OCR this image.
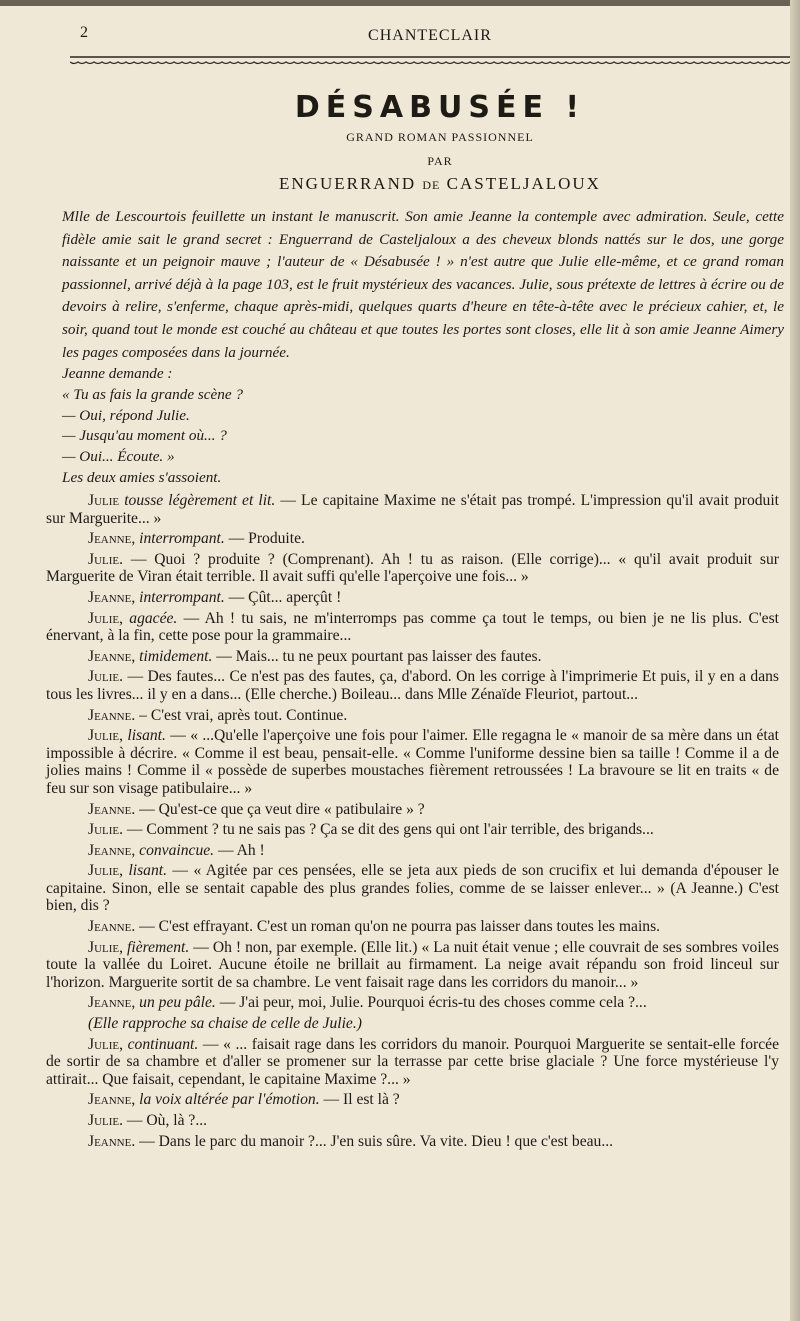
2	CHANTECLAIR
DÉSABUSÉE !
GRAND ROMAN PASSIONNEL
PAR
ENGUERRAND DE CASTELJALOUX

Mlle de Lescourtois feuillette un instant le manuscrit. Son amie Jeanne la contemple avec admiration. Seule, cette fidèle amie sait le grand secret : Enguerrand de Casteljaloux a des cheveux blonds nattés sur le dos, une gorge naissante et un peignoir mauve ; l'auteur de « Désabusée ! » n'est autre que Julie elle-même, et ce grand roman passionnel, arrivé déjà à la page 103, est le fruit mystérieux des vacances. Julie, sous prétexte de lettres à écrire ou de devoirs à relire, s'enferme, chaque après-midi, quelques quarts d'heure en tête-à-tête avec le précieux cahier, et, le soir, quand tout le monde est couché au château et que toutes les portes sont closes, elle lit à son amie Jeanne Aimery les pages composées dans la journée.

Jeanne demande :
« Tu as fais la grande scène ?
— Oui, répond Julie.
— Jusqu'au moment où... ?
— Oui... Écoute. »
Les deux amies s'assoient.

Julie tousse légèrement et lit. — Le capitaine Maxime ne s'était pas trompé. L'impression qu'il avait produit sur Marguerite... »

Jeanne, interrompant. — Produite.

Julie. — Quoi ? produite ? (Comprenant). Ah ! tu as raison. (Elle corrige)... « qu'il avait produit sur Marguerite de Viran était terrible. Il avait suffi qu'elle l'aperçoive une fois... »

Jeanne, interrompant. — Çût... aperçût !

Julie, agacée. — Ah ! tu sais, ne m'interromps pas comme ça tout le temps, ou bien je ne lis plus. C'est énervant, à la fin, cette pose pour la grammaire...

Jeanne, timidement. — Mais... tu ne peux pourtant pas laisser des fautes.

Julie. — Des fautes... Ce n'est pas des fautes, ça, d'abord. On les corrige à l'imprimerie Et puis, il y en a dans tous les livres... il y en a dans... (Elle cherche.) Boileau... dans Mlle Zénaïde Fleuriot, partout...

Jeanne. – C'est vrai, après tout. Continue.

Julie, lisant. — « ...Qu'elle l'aperçoive une fois pour l'aimer. Elle regagna le « manoir de sa mère dans un état impossible à décrire. « Comme il est beau, pensait-elle. « Comme l'uniforme dessine bien sa taille ! Comme il a de jolies mains ! Comme il « possède de superbes moustaches fièrement retroussées ! La bravoure se lit en traits « de feu sur son visage patibulaire... »

Jeanne. — Qu'est-ce que ça veut dire « patibulaire » ?

Julie. — Comment ? tu ne sais pas ? Ça se dit des gens qui ont l'air terrible, des brigands...

Jeanne, convaincue. — Ah !

Julie, lisant. — « Agitée par ces pensées, elle se jeta aux pieds de son crucifix et lui demanda d'épouser le capitaine. Sinon, elle se sentait capable des plus grandes folies, comme de se laisser enlever... » (A Jeanne.) C'est bien, dis ?

Jeanne. — C'est effrayant. C'est un roman qu'on ne pourra pas laisser dans toutes les mains.

Julie, fièrement. — Oh ! non, par exemple. (Elle lit.) « La nuit était venue ; elle couvrait de ses sombres voiles toute la vallée du Loiret. Aucune étoile ne brillait au firmament. La neige avait répandu son froid linceul sur l'horizon. Marguerite sortit de sa chambre. Le vent faisait rage dans les corridors du manoir... »

Jeanne, un peu pâle. — J'ai peur, moi, Julie. Pourquoi écris-tu des choses comme cela ?...

(Elle rapproche sa chaise de celle de Julie.)

Julie, continuant. — « ... faisait rage dans les corridors du manoir. Pourquoi Marguerite se sentait-elle forcée de sortir de sa chambre et d'aller se promener sur la terrasse par cette brise glaciale ? Une force mystérieuse l'y attirait... Que faisait, cependant, le capitaine Maxime ?... »

Jeanne, la voix altérée par l'émotion. — Il est là ?

Julie. — Où, là ?...

Jeanne. — Dans le parc du manoir ?... J'en suis sûre. Va vite. Dieu ! que c'est beau...
